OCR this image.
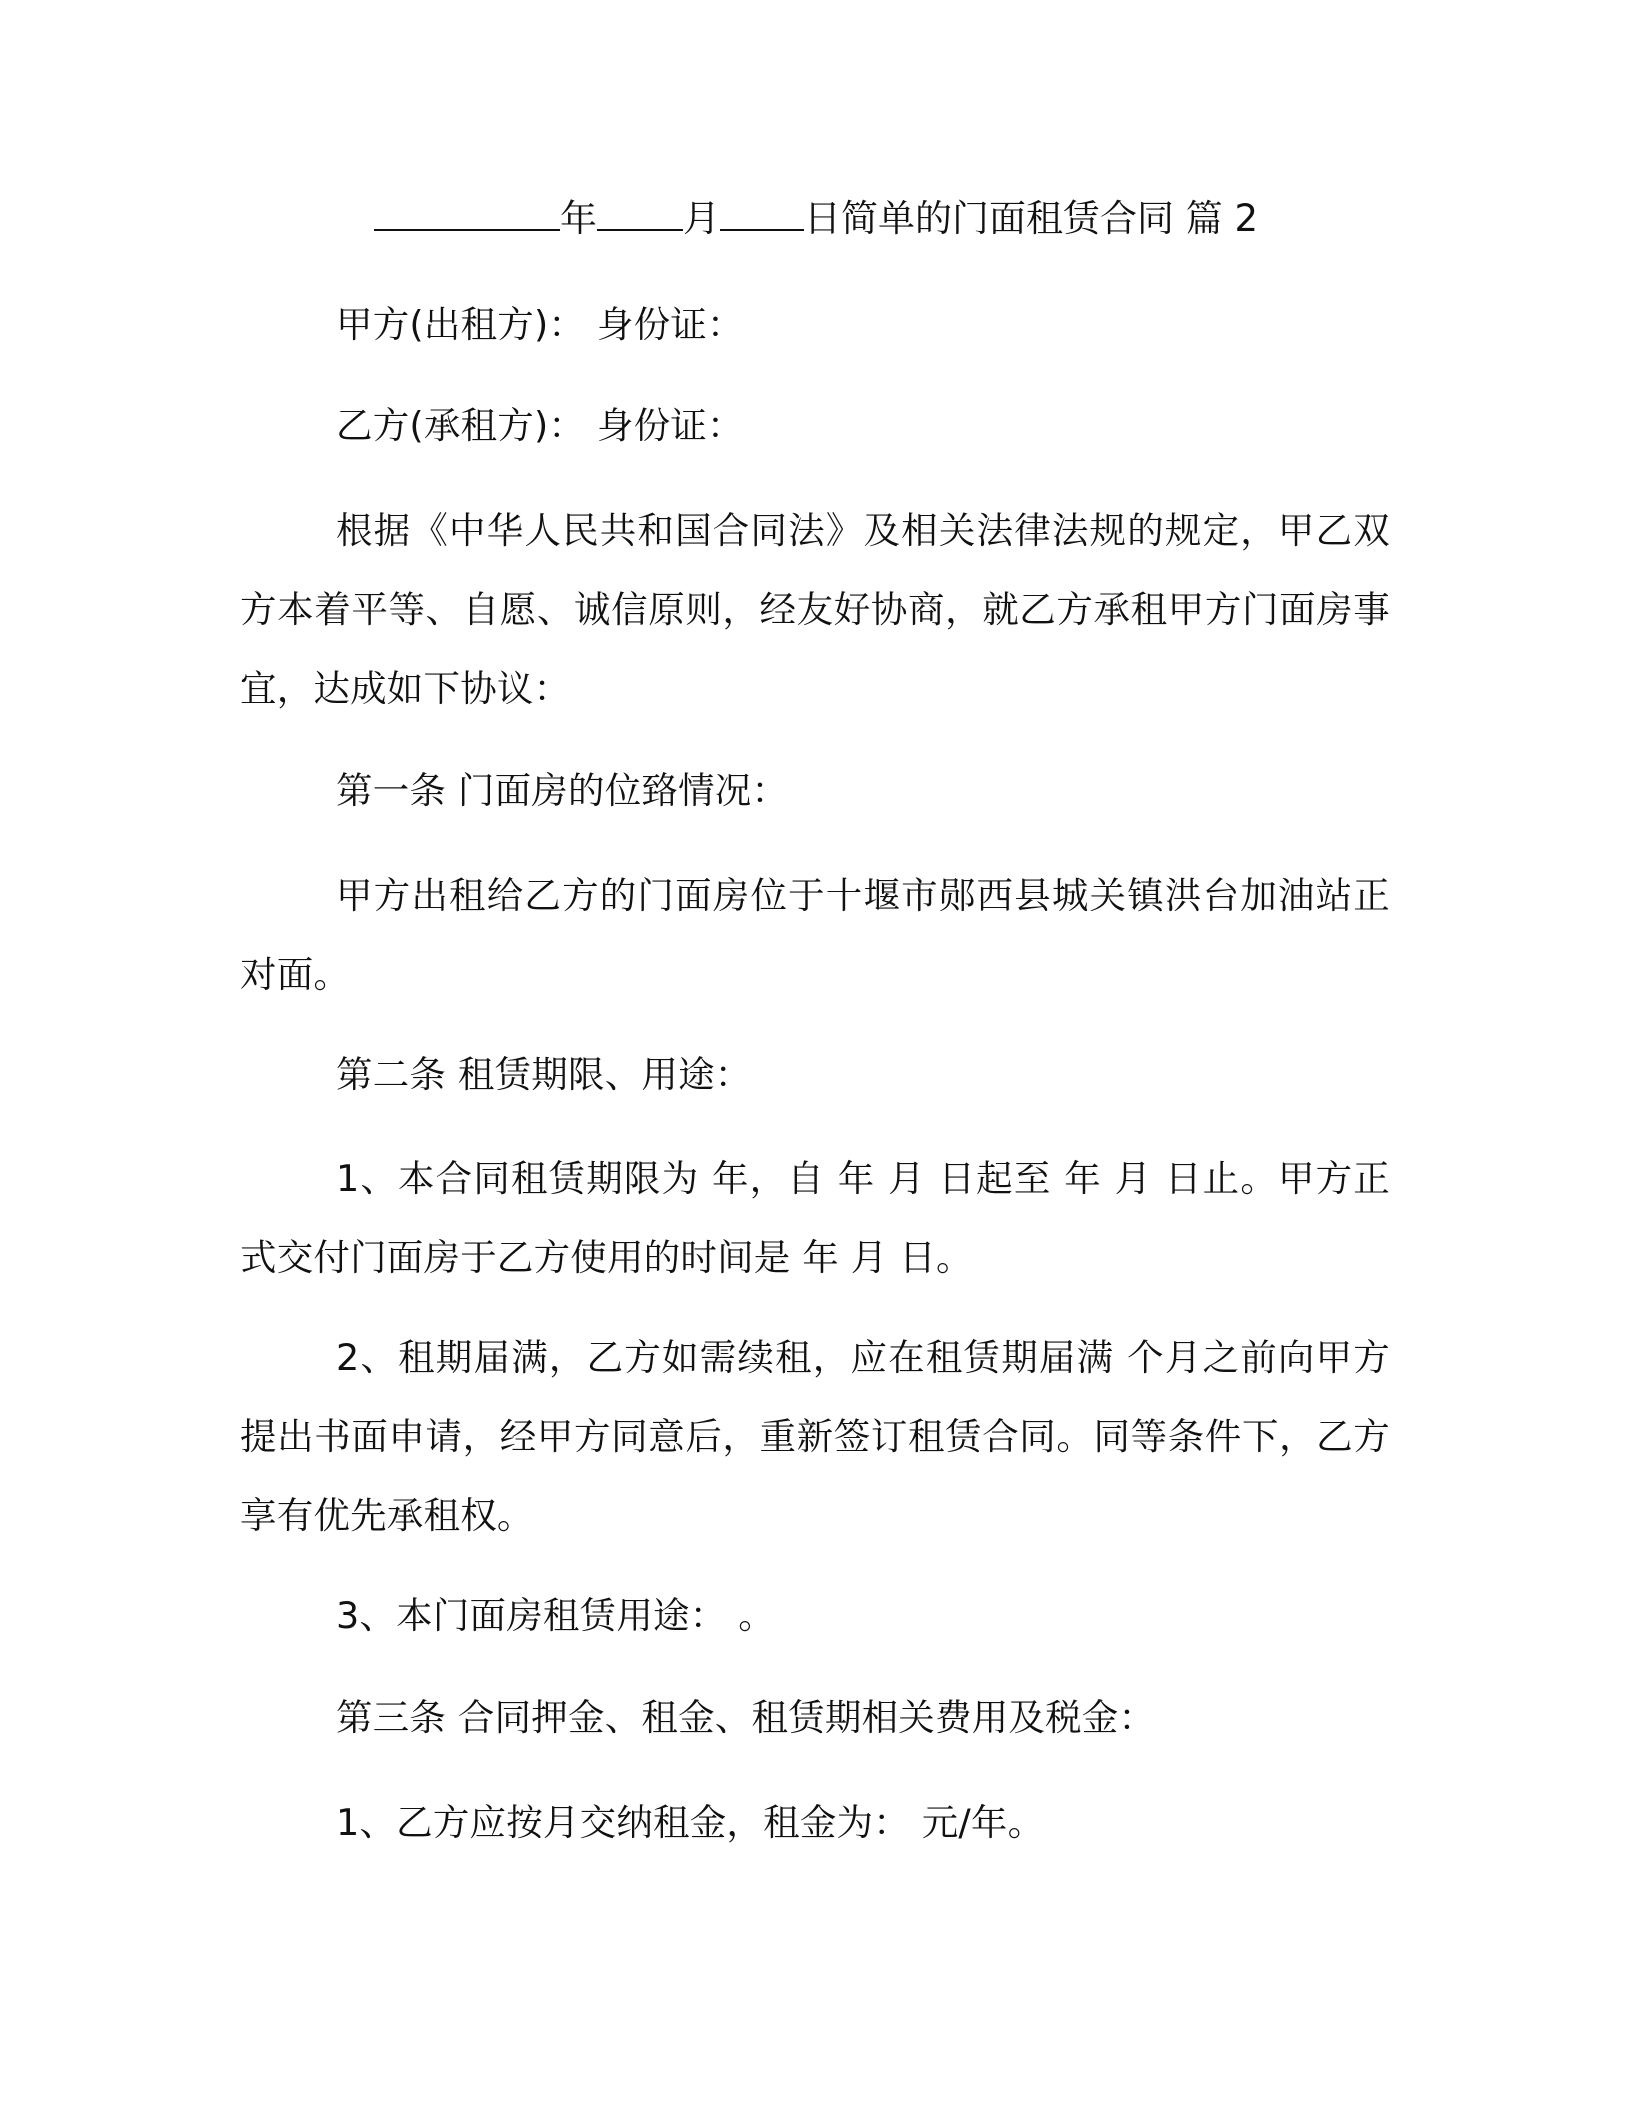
年 月 日简单的门面租赁合同 篇 2

甲方(出租方)： 身份证：

乙方(承租方)： 身份证：

根据《中华人民共和国合同法》及相关法律法规的规定，甲乙双方本着平等、自愿、诚信原则，经友好协商，就乙方承租甲方门面房事宜，达成如下协议：

第一条 门面房的位臵情况：

甲方出租给乙方的门面房位于十堰市郧西县城关镇洪台加油站正对面。

第二条 租赁期限、用途：

1、本合同租赁期限为 年，自 年 月 日起至 年 月 日止。甲方正式交付门面房于乙方使用的时间是 年 月 日。

2、租期届满，乙方如需续租，应在租赁期届满 个月之前向甲方提出书面申请，经甲方同意后，重新签订租赁合同。同等条件下，乙方享有优先承租权。

3、本门面房租赁用途： 。

第三条 合同押金、租金、租赁期相关费用及税金：

1、乙方应按月交纳租金，租金为： 元/年。
